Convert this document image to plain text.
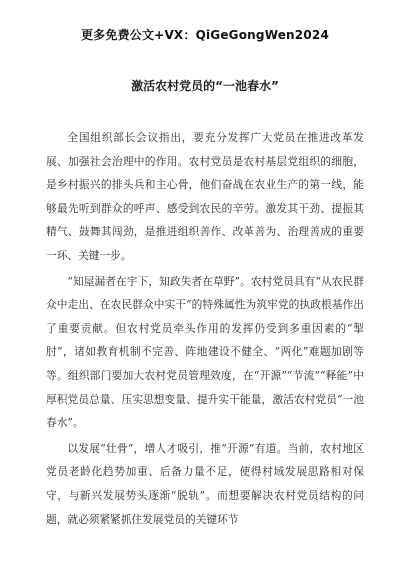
更多免费公文+VX：QiGeGongWen2024
激活农村党员的“一池春水”

全国组织部长会议指出，要充分发挥广大党员在推进改革发展、加强社会治理中的作用。农村党员是农村基层党组织的细胞，是乡村振兴的排头兵和主心骨，他们奋战在农业生产的第一线，能够最先听到群众的呼声、感受到农民的辛劳。激发其干劲、提振其精气、鼓舞其闯劲，是推进组织善作、改革善为、治理善成的重要一环、关键一步。

“知屋漏者在宇下，知政失者在草野”。农村党员具有“从农民群众中走出、在农民群众中实干”的特殊属性为筑牢党的执政根基作出了重要贡献。但农村党员牵头作用的发挥仍受到多重因素的“掣肘”，诸如教育机制不完善、阵地建设不健全、“两化”难题加剧等等。组织部门要加大农村党员管理效度，在“开源”“节流”“释能”中厚积党员总量、压实思想变量、提升实干能量，激活农村党员“一池春水”。

以发展“壮骨”，增人才吸引，推“开源”有道。当前，农村地区党员老龄化趋势加重、后备力量不足，使得村域发展思路相对保守，与新兴发展势头逐渐“脱轨”。而想要解决农村党员结构的问题，就必须紧紧抓住发展党员的关键环节
